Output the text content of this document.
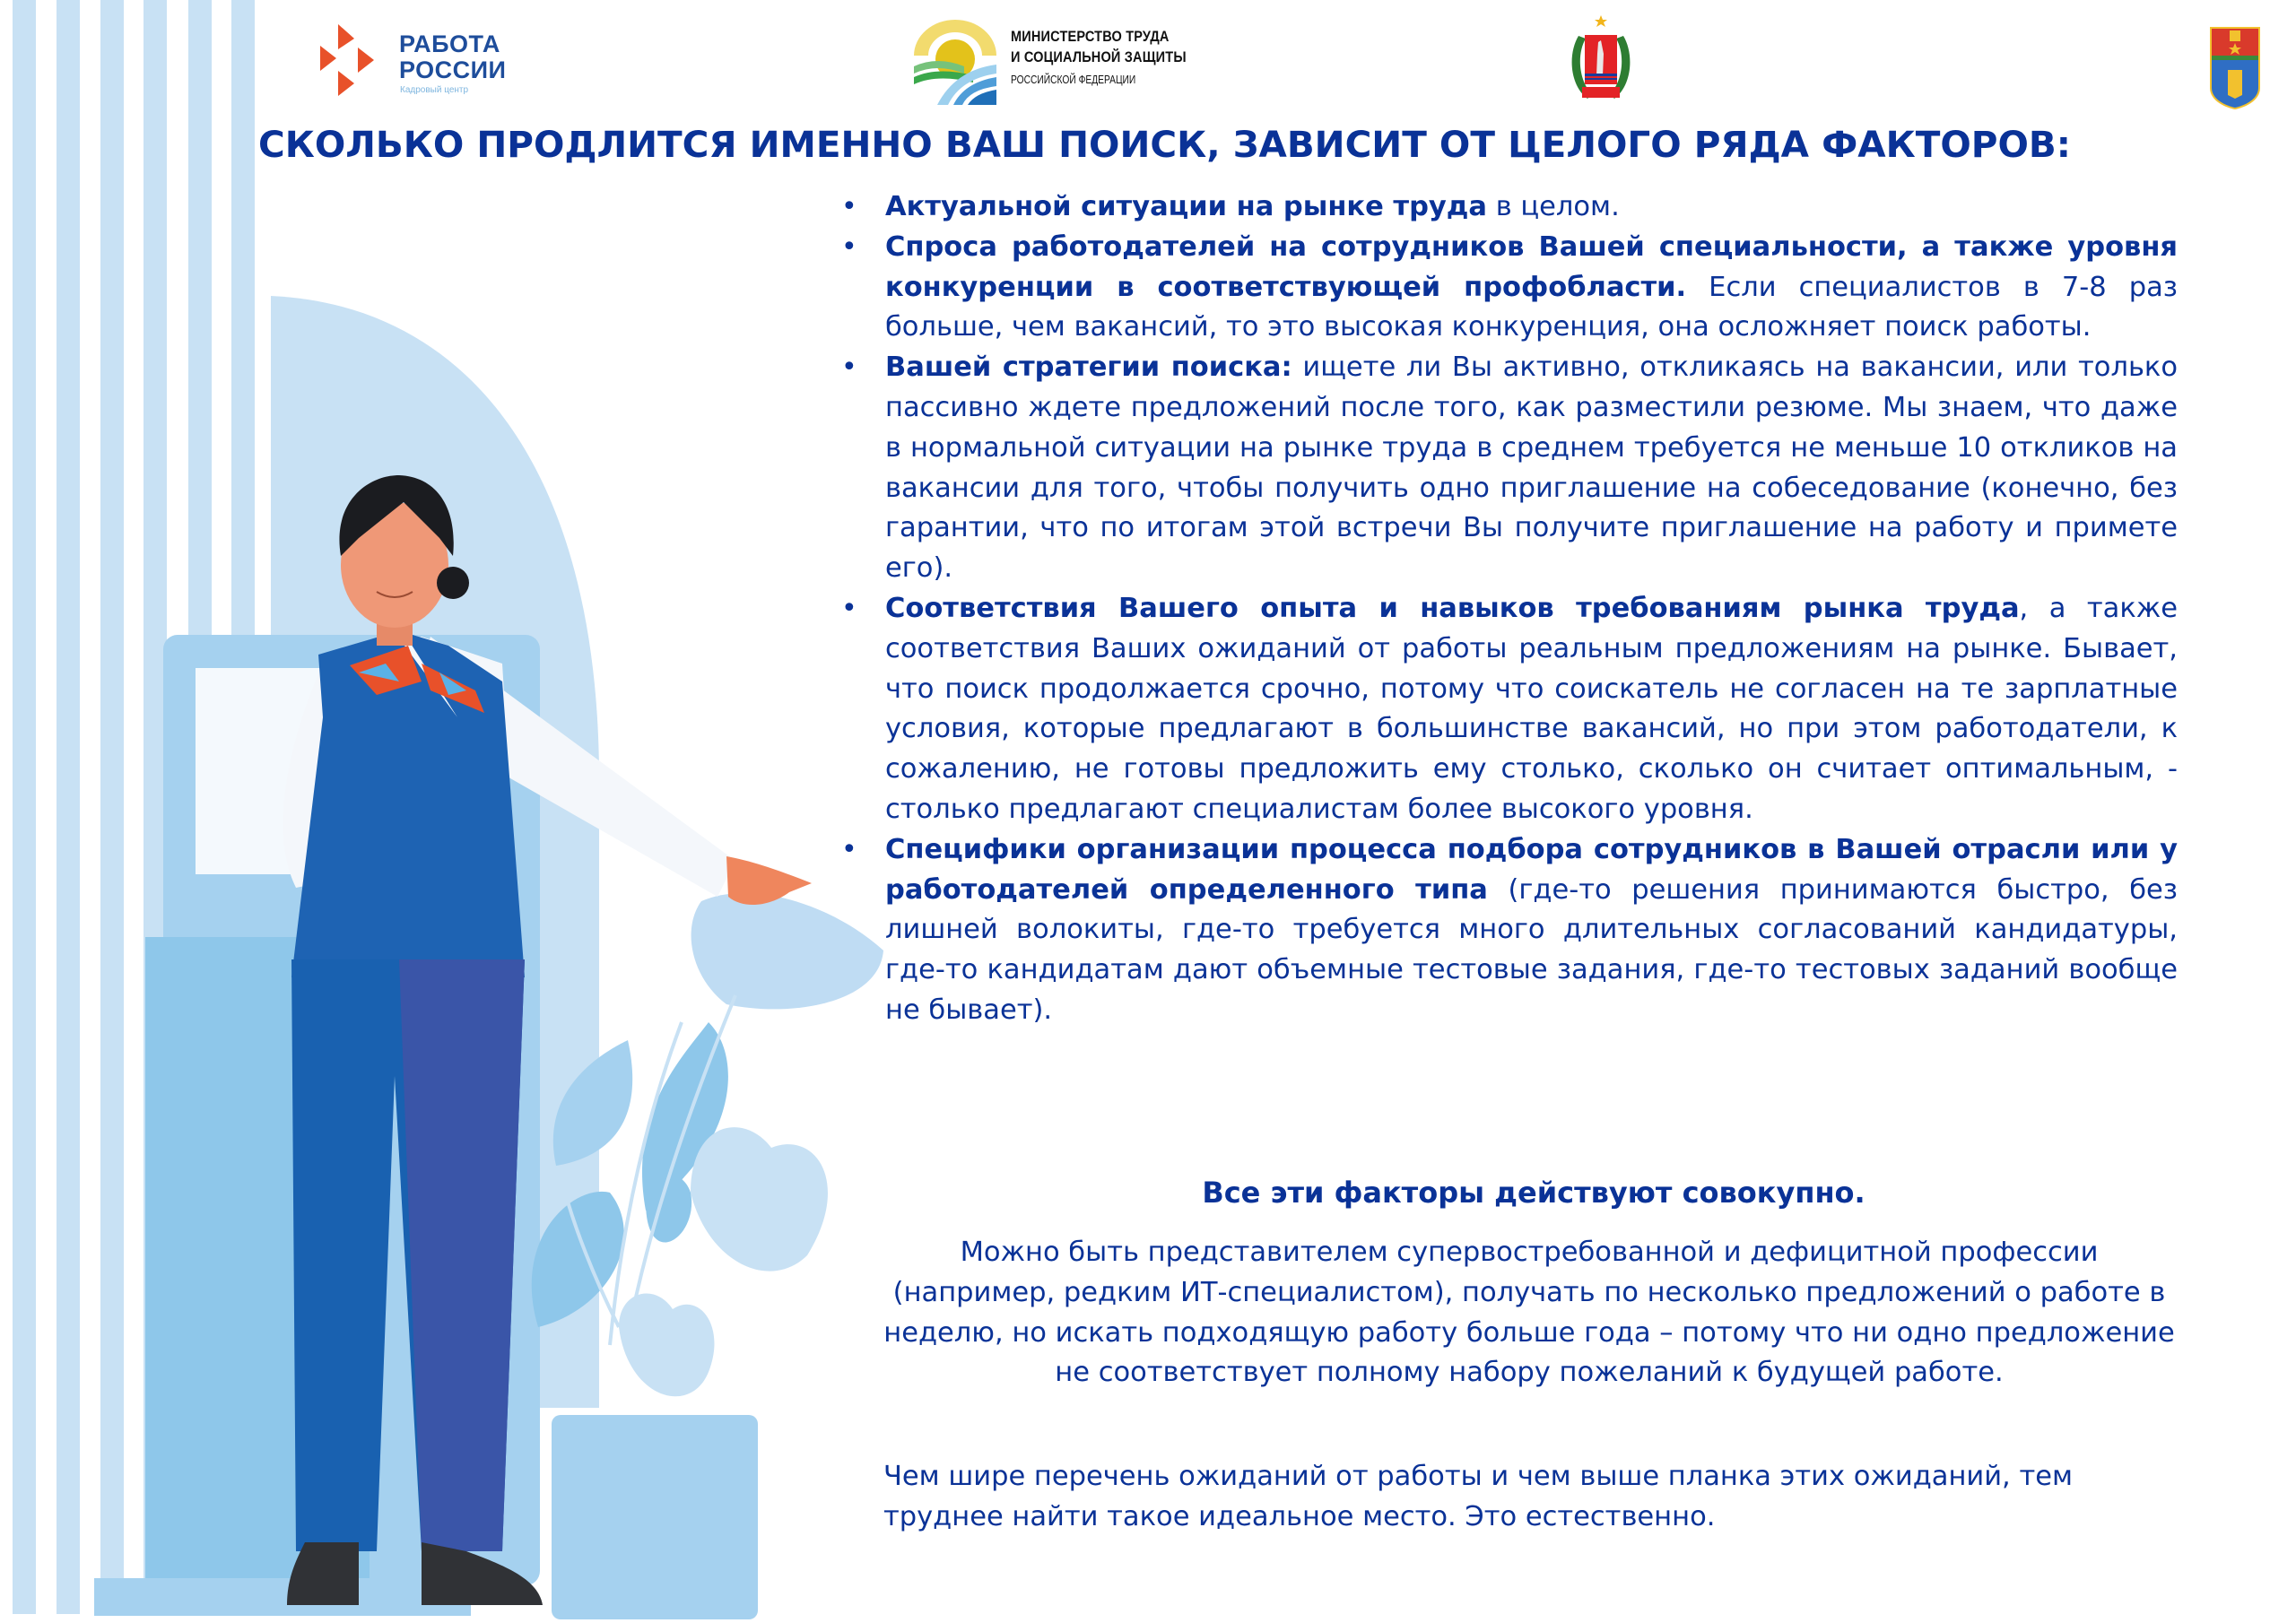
РАБОТА
РОССИИ
Кадровый центр
МИНИСТЕРСТВО ТРУДА
И СОЦИАЛЬНОЙ ЗАЩИТЫ
РОССИЙСКОЙ ФЕДЕРАЦИИ
СКОЛЬКО ПРОДЛИТСЯ ИМЕННО ВАШ ПОИСК, ЗАВИСИТ ОТ ЦЕЛОГО РЯДА ФАКТОРОВ:
• Актуальной ситуации на рынке труда в целом.
• Спроса работодателей на сотрудников Вашей специальности, а также уровня конкуренции в соответствующей профобласти. Если специалистов в 7-8 раз больше, чем вакансий, то это высокая конкуренция, она осложняет поиск работы.
• Вашей стратегии поиска: ищете ли Вы активно, откликаясь на вакансии, или только пассивно ждете предложений после того, как разместили резюме. Мы знаем, что даже в нормальной ситуации на рынке труда в среднем требуется не меньше 10 откликов на вакансии для того, чтобы получить одно приглашение на собеседование (конечно, без гарантии, что по итогам этой встречи Вы получите приглашение на работу и примете его).
• Соответствия Вашего опыта и навыков требованиям рынка труда, а также соответствия Ваших ожиданий от работы реальным предложениям на рынке. Бывает, что поиск продолжается срочно, потому что соискатель не согласен на те зарплатные условия, которые предлагают в большинстве вакансий, но при этом работодатели, к сожалению, не готовы предложить ему столько, сколько он считает оптимальным, - столько предлагают специалистам более высокого уровня.
• Специфики организации процесса подбора сотрудников в Вашей отрасли или у работодателей определенного типа (где-то решения принимаются быстро, без лишней волокиты, где-то требуется много длительных согласований кандидатуры, где-то кандидатам дают объемные тестовые задания, где-то тестовых заданий вообще не бывает).
Все эти факторы действуют совокупно.
Можно быть представителем супервостребованной и дефицитной профессии (например, редким ИТ-специалистом), получать по несколько предложений о работе в неделю, но искать подходящую работу больше года – потому что ни одно предложение не соответствует полному набору пожеланий к будущей работе.
Чем шире перечень ожиданий от работы и чем выше планка этих ожиданий, тем труднее найти такое идеальное место. Это естественно.
